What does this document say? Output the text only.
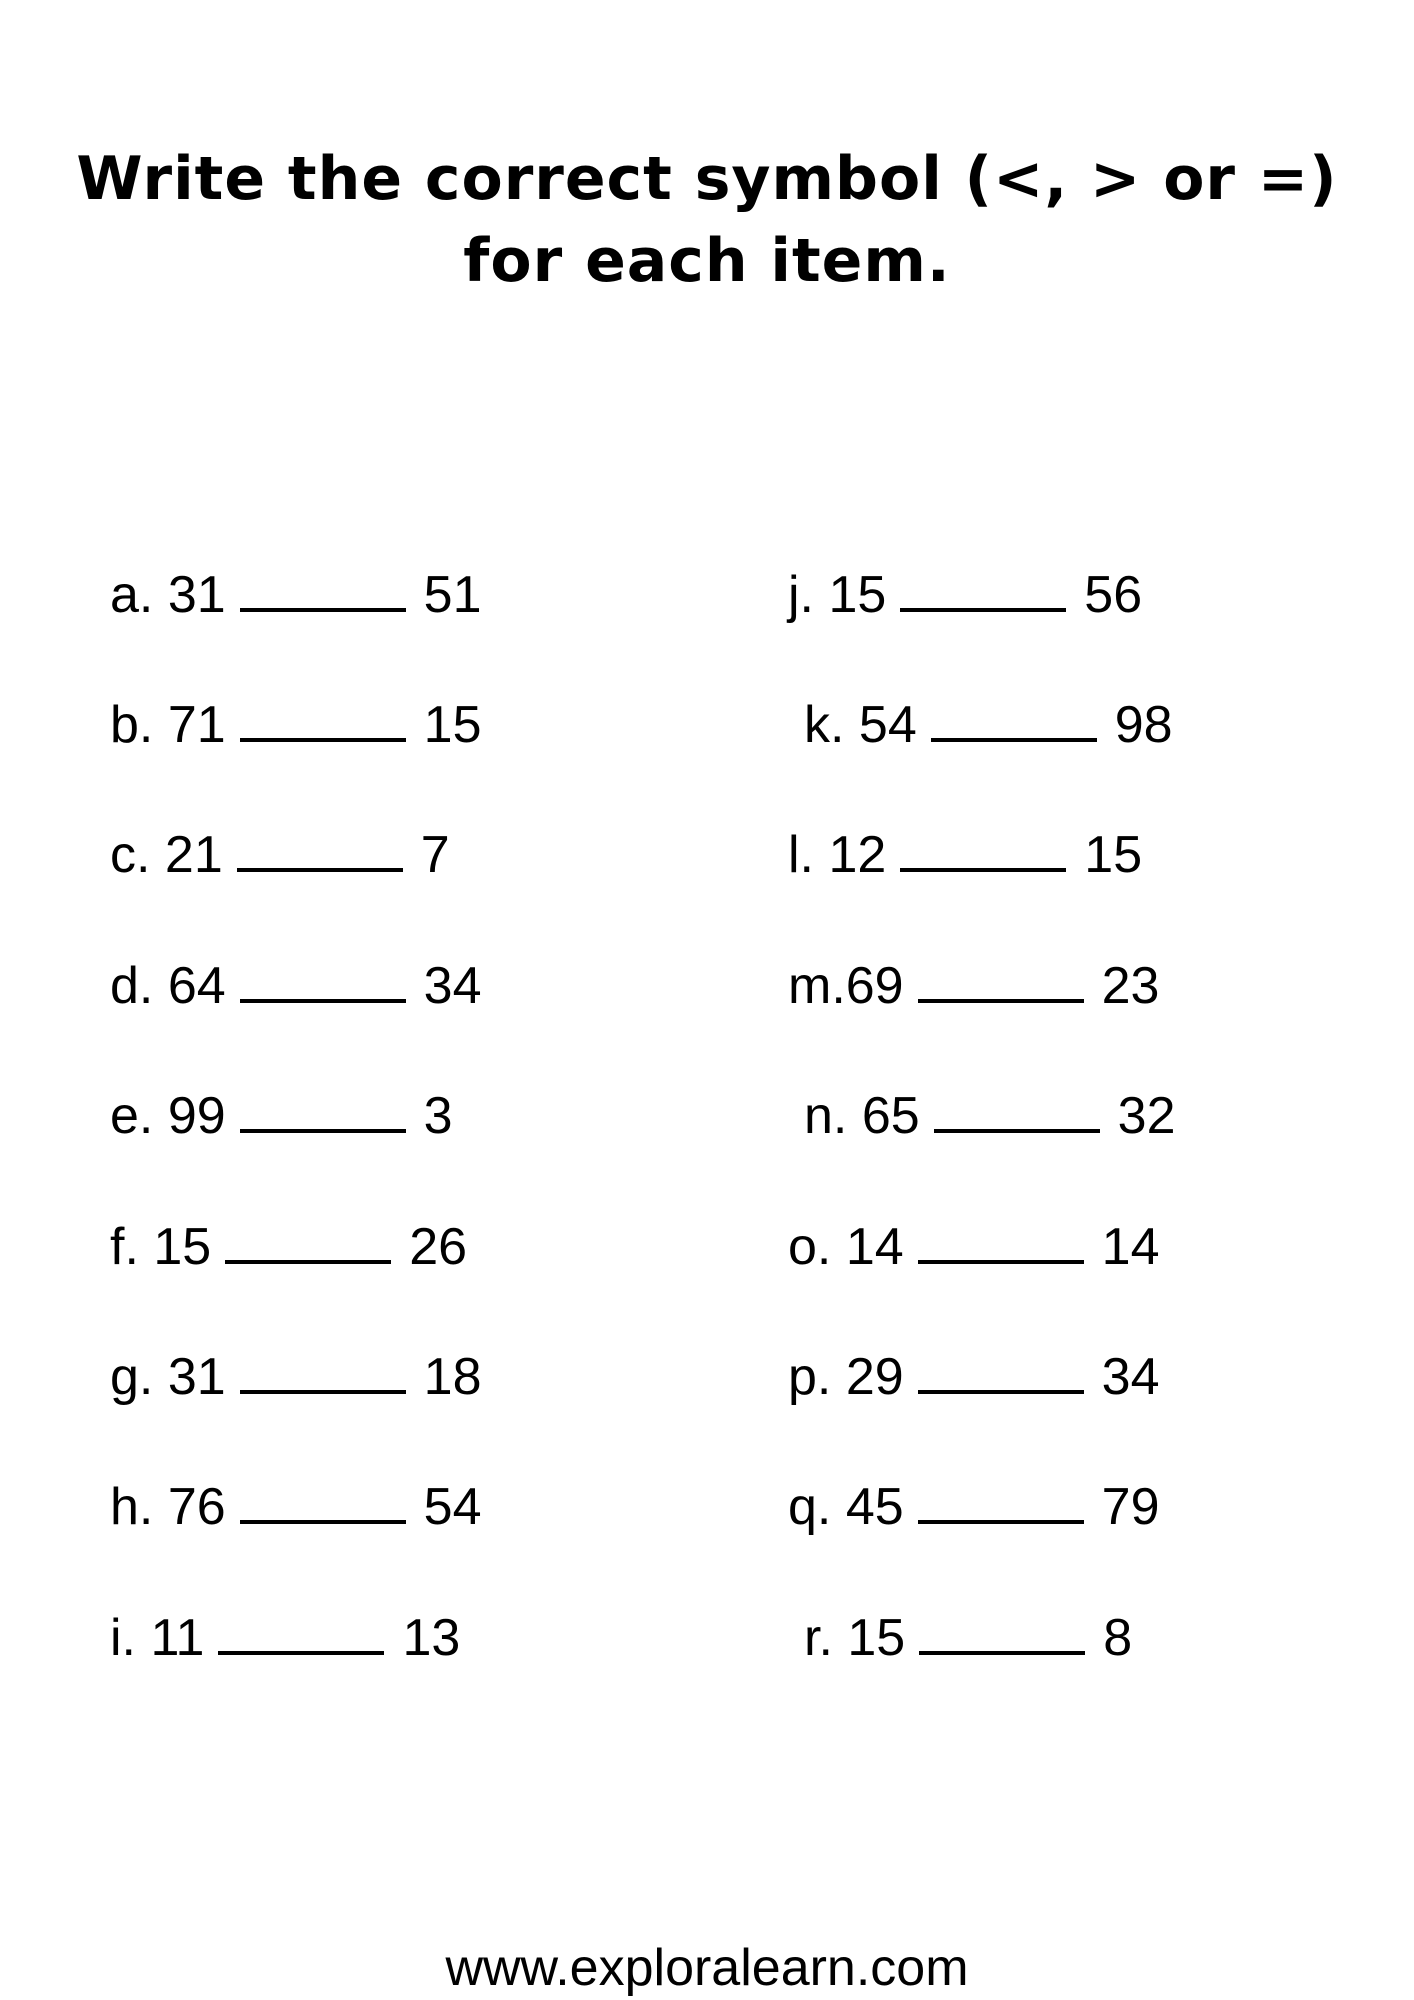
Write the correct symbol (<, > or =) for each item.
a. 31	51
b. 71	15
c. 21	7
d. 64	34
e. 99	3
f. 15	26
g. 31	18
h. 76	54
i. 11	13
j. 15	56
k. 54	98
l. 12	15
m.69	23
n. 65	32
o. 14	14
p. 29	34
q. 45	79
r. 15	8

www.exploralearn.com
